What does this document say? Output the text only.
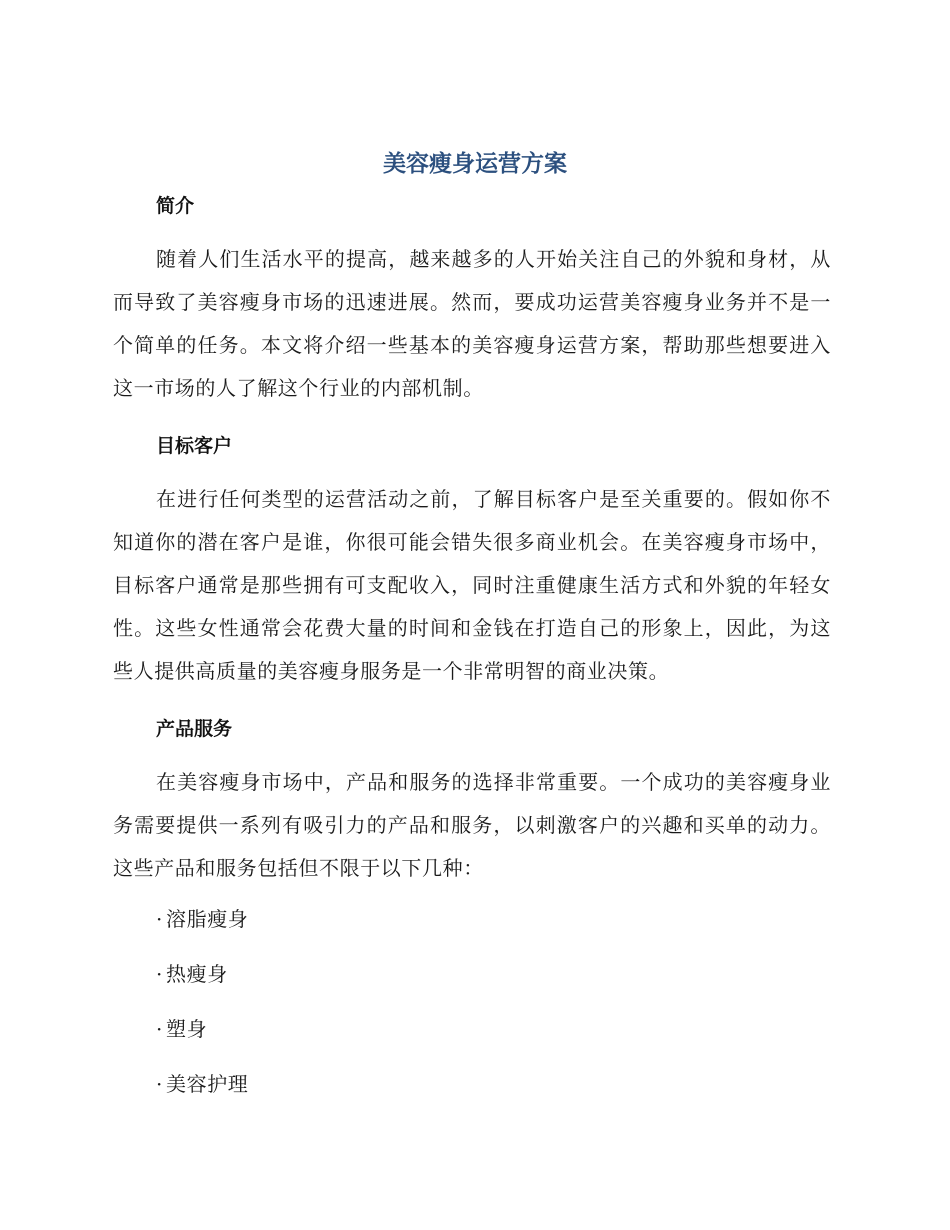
美容瘦身运营方案
简介

随着人们生活水平的提高，越来越多的人开始关注自己的外貌和身材，从而导致了美容瘦身市场的迅速进展。然而，要成功运营美容瘦身业务并不是一个简单的任务。本文将介绍一些基本的美容瘦身运营方案，帮助那些想要进入这一市场的人了解这个行业的内部机制。

目标客户

在进行任何类型的运营活动之前，了解目标客户是至关重要的。假如你不知道你的潜在客户是谁，你很可能会错失很多商业机会。在美容瘦身市场中，目标客户通常是那些拥有可支配收入，同时注重健康生活方式和外貌的年轻女性。这些女性通常会花费大量的时间和金钱在打造自己的形象上，因此，为这些人提供高质量的美容瘦身服务是一个非常明智的商业决策。

产品服务

在美容瘦身市场中，产品和服务的选择非常重要。一个成功的美容瘦身业务需要提供一系列有吸引力的产品和服务，以刺激客户的兴趣和买单的动力。这些产品和服务包括但不限于以下几种：

· 溶脂瘦身
· 热瘦身
· 塑身
· 美容护理
